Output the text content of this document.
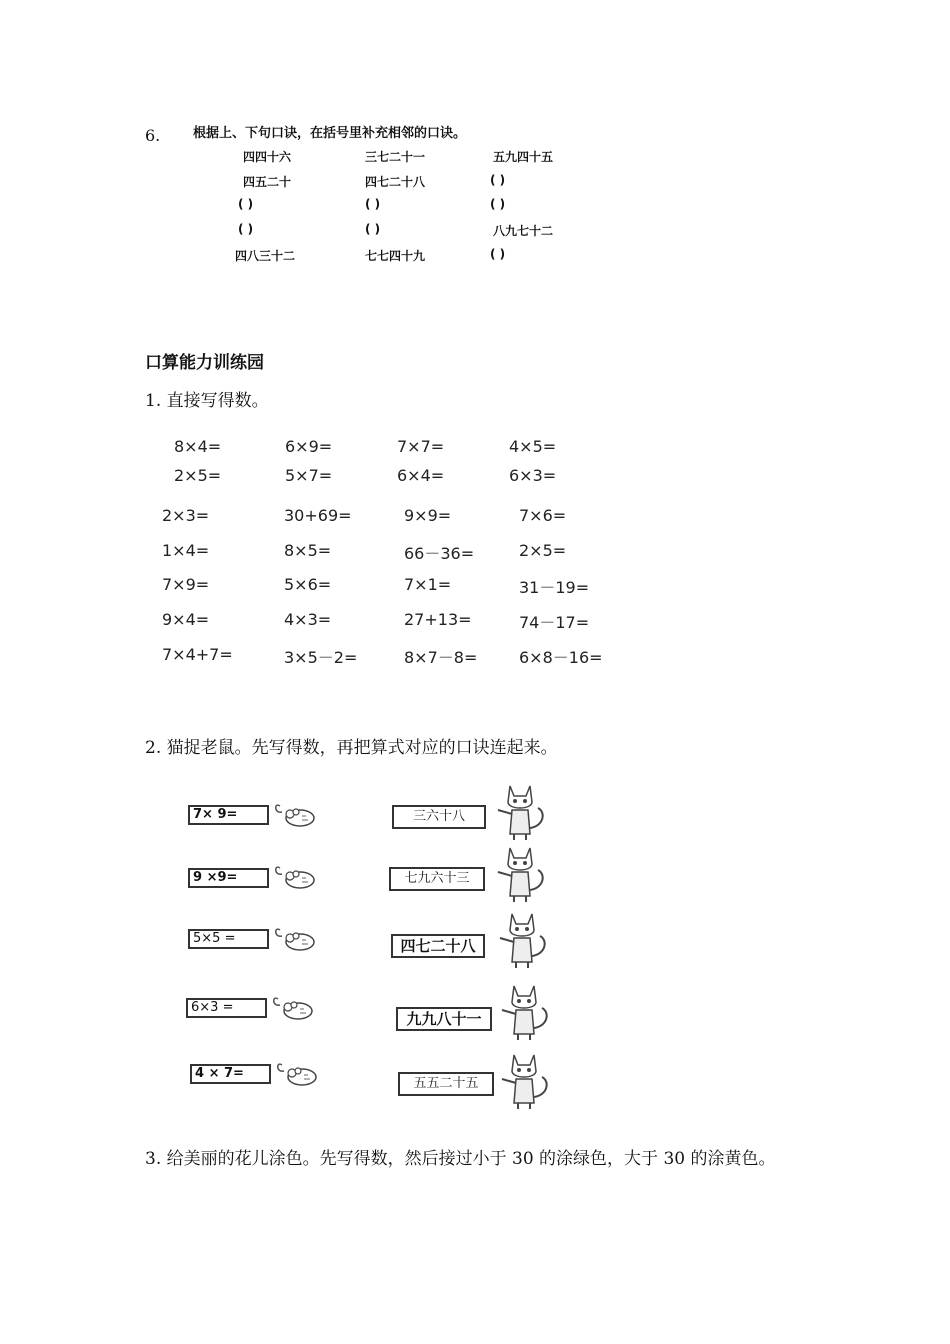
6.	根据上、下句口诀，在括号里补充相邻的口诀。
四四十六	三七二十一	五九四十五
四五二十	四七二十八	( )
( )	( )	( )
( )	( )	八九七十二
四八三十二	七七四十九	( )
口算能力训练园
1. 直接写得数。
8×4=	6×9=	7×7=	4×5=
2×5=	5×7=	6×4=	6×3=
2×3=	30+69=	9×9=	7×6=
1×4=	8×5=	66－36=	2×5=
7×9=	5×6=	7×1=	31－19=
9×4=	4×3=	27+13=	74－17=
7×4+7=	3×5－2=	8×7－8=	6×8－16=
2. 猫捉老鼠。先写得数，再把算式对应的口诀连起来。
7× 9=
9 ×9=
5×5 =
6×3 =
4 × 7=
三六十八
七九六十三
四七二十八
九九八十一
五五二十五
3. 给美丽的花儿涂色。先写得数，然后接过小于 30 的涂绿色，大于 30 的涂黄色。
